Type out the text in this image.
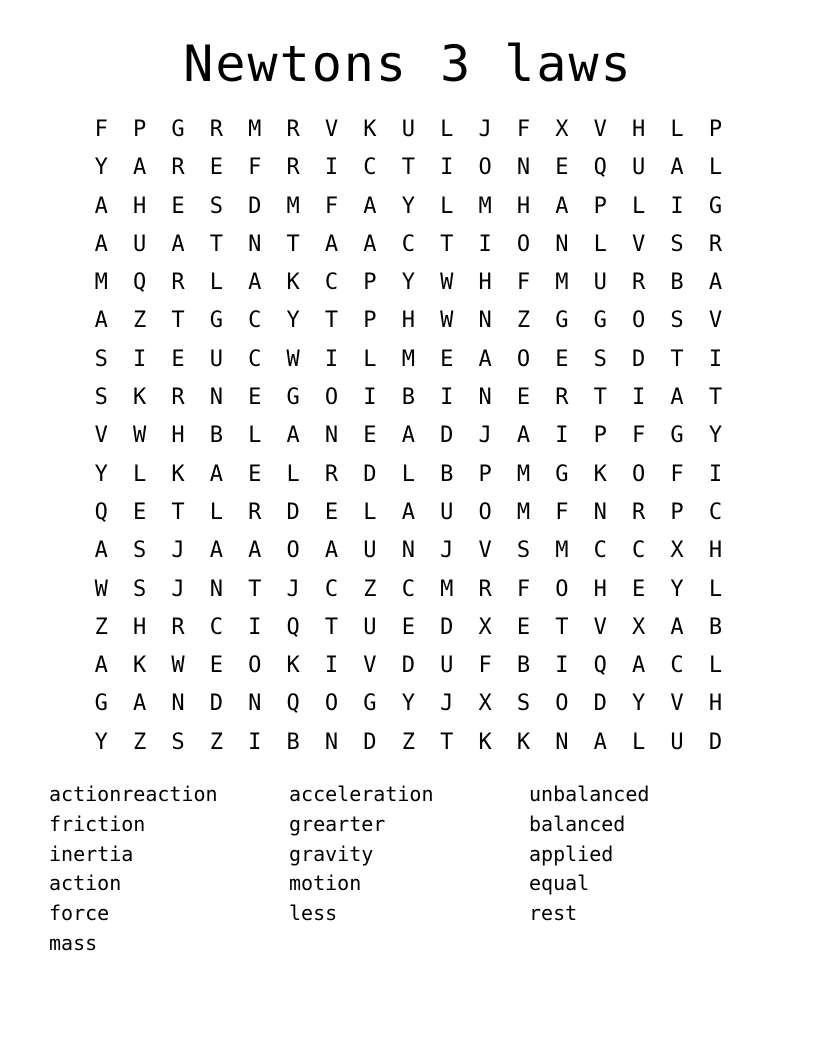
Newtons 3 laws
F	P	G	R	M	R	V	K	U	L	J	F	X	V	H	L	P
Y	A	R	E	F	R	I	C	T	I	O	N	E	Q	U	A	L
A	H	E	S	D	M	F	A	Y	L	M	H	A	P	L	I	G
A	U	A	T	N	T	A	A	C	T	I	O	N	L	V	S	R
M	Q	R	L	A	K	C	P	Y	W	H	F	M	U	R	B	A
A	Z	T	G	C	Y	T	P	H	W	N	Z	G	G	O	S	V
S	I	E	U	C	W	I	L	M	E	A	O	E	S	D	T	I
S	K	R	N	E	G	O	I	B	I	N	E	R	T	I	A	T
V	W	H	B	L	A	N	E	A	D	J	A	I	P	F	G	Y
Y	L	K	A	E	L	R	D	L	B	P	M	G	K	O	F	I
Q	E	T	L	R	D	E	L	A	U	O	M	F	N	R	P	C
A	S	J	A	A	O	A	U	N	J	V	S	M	C	C	X	H
W	S	J	N	T	J	C	Z	C	M	R	F	O	H	E	Y	L
Z	H	R	C	I	Q	T	U	E	D	X	E	T	V	X	A	B
A	K	W	E	O	K	I	V	D	U	F	B	I	Q	A	C	L
G	A	N	D	N	Q	O	G	Y	J	X	S	O	D	Y	V	H
Y	Z	S	Z	I	B	N	D	Z	T	K	K	N	A	L	U	D
actionreaction	acceleration	unbalanced
friction	grearter	balanced
inertia	gravity	applied
action	motion	equal
force	less	rest
mass
